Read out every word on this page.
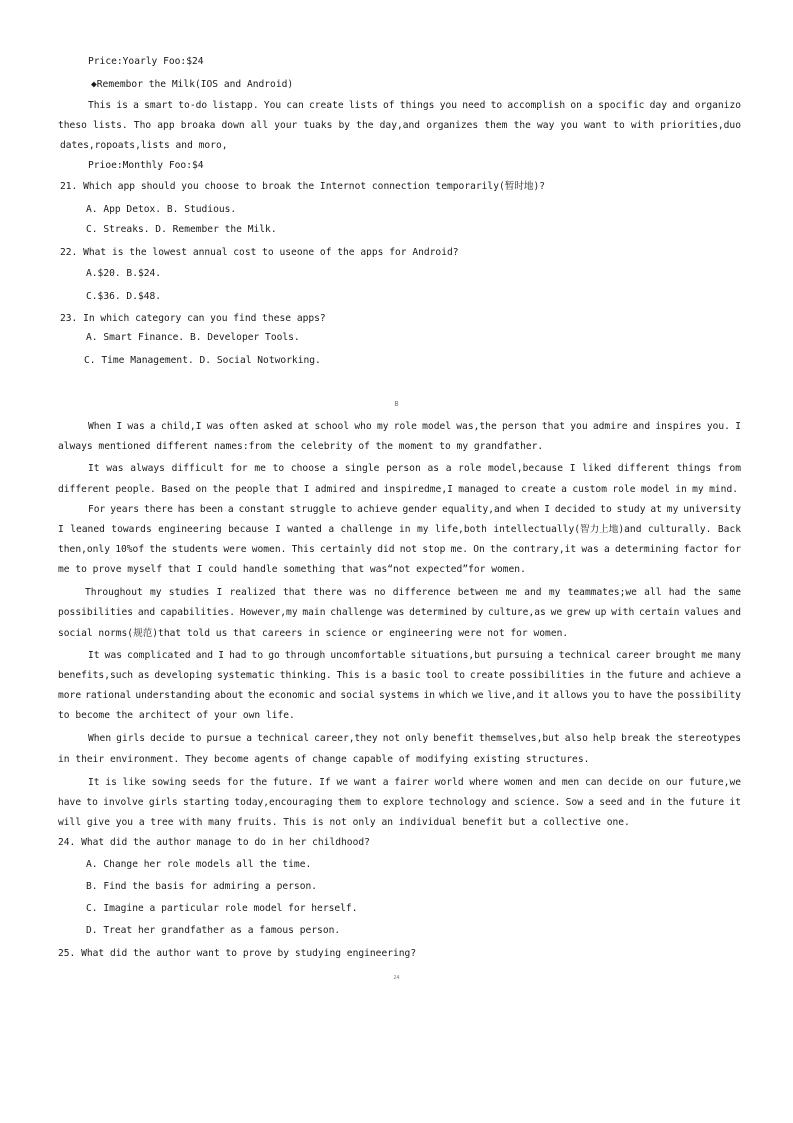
Price:Yoarly Foo:$24
◆Remembor the Milk(IOS and Android)
This is a smart to-do listapp. You can create lists of things you need to accomplish on a spocific day and organizo
theso lists. Tho app broaka down all your tuaks by the day,and organizes them the way you want to with priorities,duo
dates,ropoats,lists and moro,
Prioe:Monthly Foo:$4
21. Which app should you choose to broak the Internot connection temporarily(暂时地)?
A. App Detox. B. Studious.
C. Streaks. D. Remember the Milk.
22. What is the lowest annual cost to useone of the apps for Android?
A.$20. B.$24.
C.$36. D.$48.
23. In which category can you find these apps?
A. Smart Finance. B. Developer Tools.
C. Time Management. D. Social Notworking.
B
When I was a child,I was often asked at school who my role model was,the person that you admire and inspires you. I
always mentioned different names:from the celebrity of the moment to my grandfather.
It was always difficult for me to choose a single person as a role model,because I liked different things from
different people. Based on the people that I admired and inspiredme,I managed to create a custom role model in my mind.
For years there has been a constant struggle to achieve gender equality,and when I decided to study at my university
I leaned towards engineering because I wanted a challenge in my life,both intellectually(智力上地)and culturally. Back
then,only 10%of the students were women. This certainly did not stop me. On the contrary,it was a determining factor for
me to prove myself that I could handle something that was“not expected”for women.
Throughout my studies I realized that there was no difference between me and my teammates;we all had the same
possibilities and capabilities. However,my main challenge was determined by culture,as we grew up with certain values and
social norms(规范)that told us that careers in science or engineering were not for women.
It was complicated and I had to go through uncomfortable situations,but pursuing a technical career brought me many
benefits,such as developing systematic thinking. This is a basic tool to create possibilities in the future and achieve a
more rational understanding about the economic and social systems in which we live,and it allows you to have the possibility
to become the architect of your own life.
When girls decide to pursue a technical career,they not only benefit themselves,but also help break the stereotypes
in their environment. They become agents of change capable of modifying existing structures.
It is like sowing seeds for the future. If we want a fairer world where women and men can decide on our future,we
have to involve girls starting today,encouraging them to explore technology and science. Sow a seed and in the future it
will give you a tree with many fruits. This is not only an individual benefit but a collective one.
24. What did the author manage to do in her childhood?
A. Change her role models all the time.
B. Find the basis for admiring a person.
C. Imagine a particular role model for herself.
D. Treat her grandfather as a famous person.
25. What did the author want to prove by studying engineering?
24
